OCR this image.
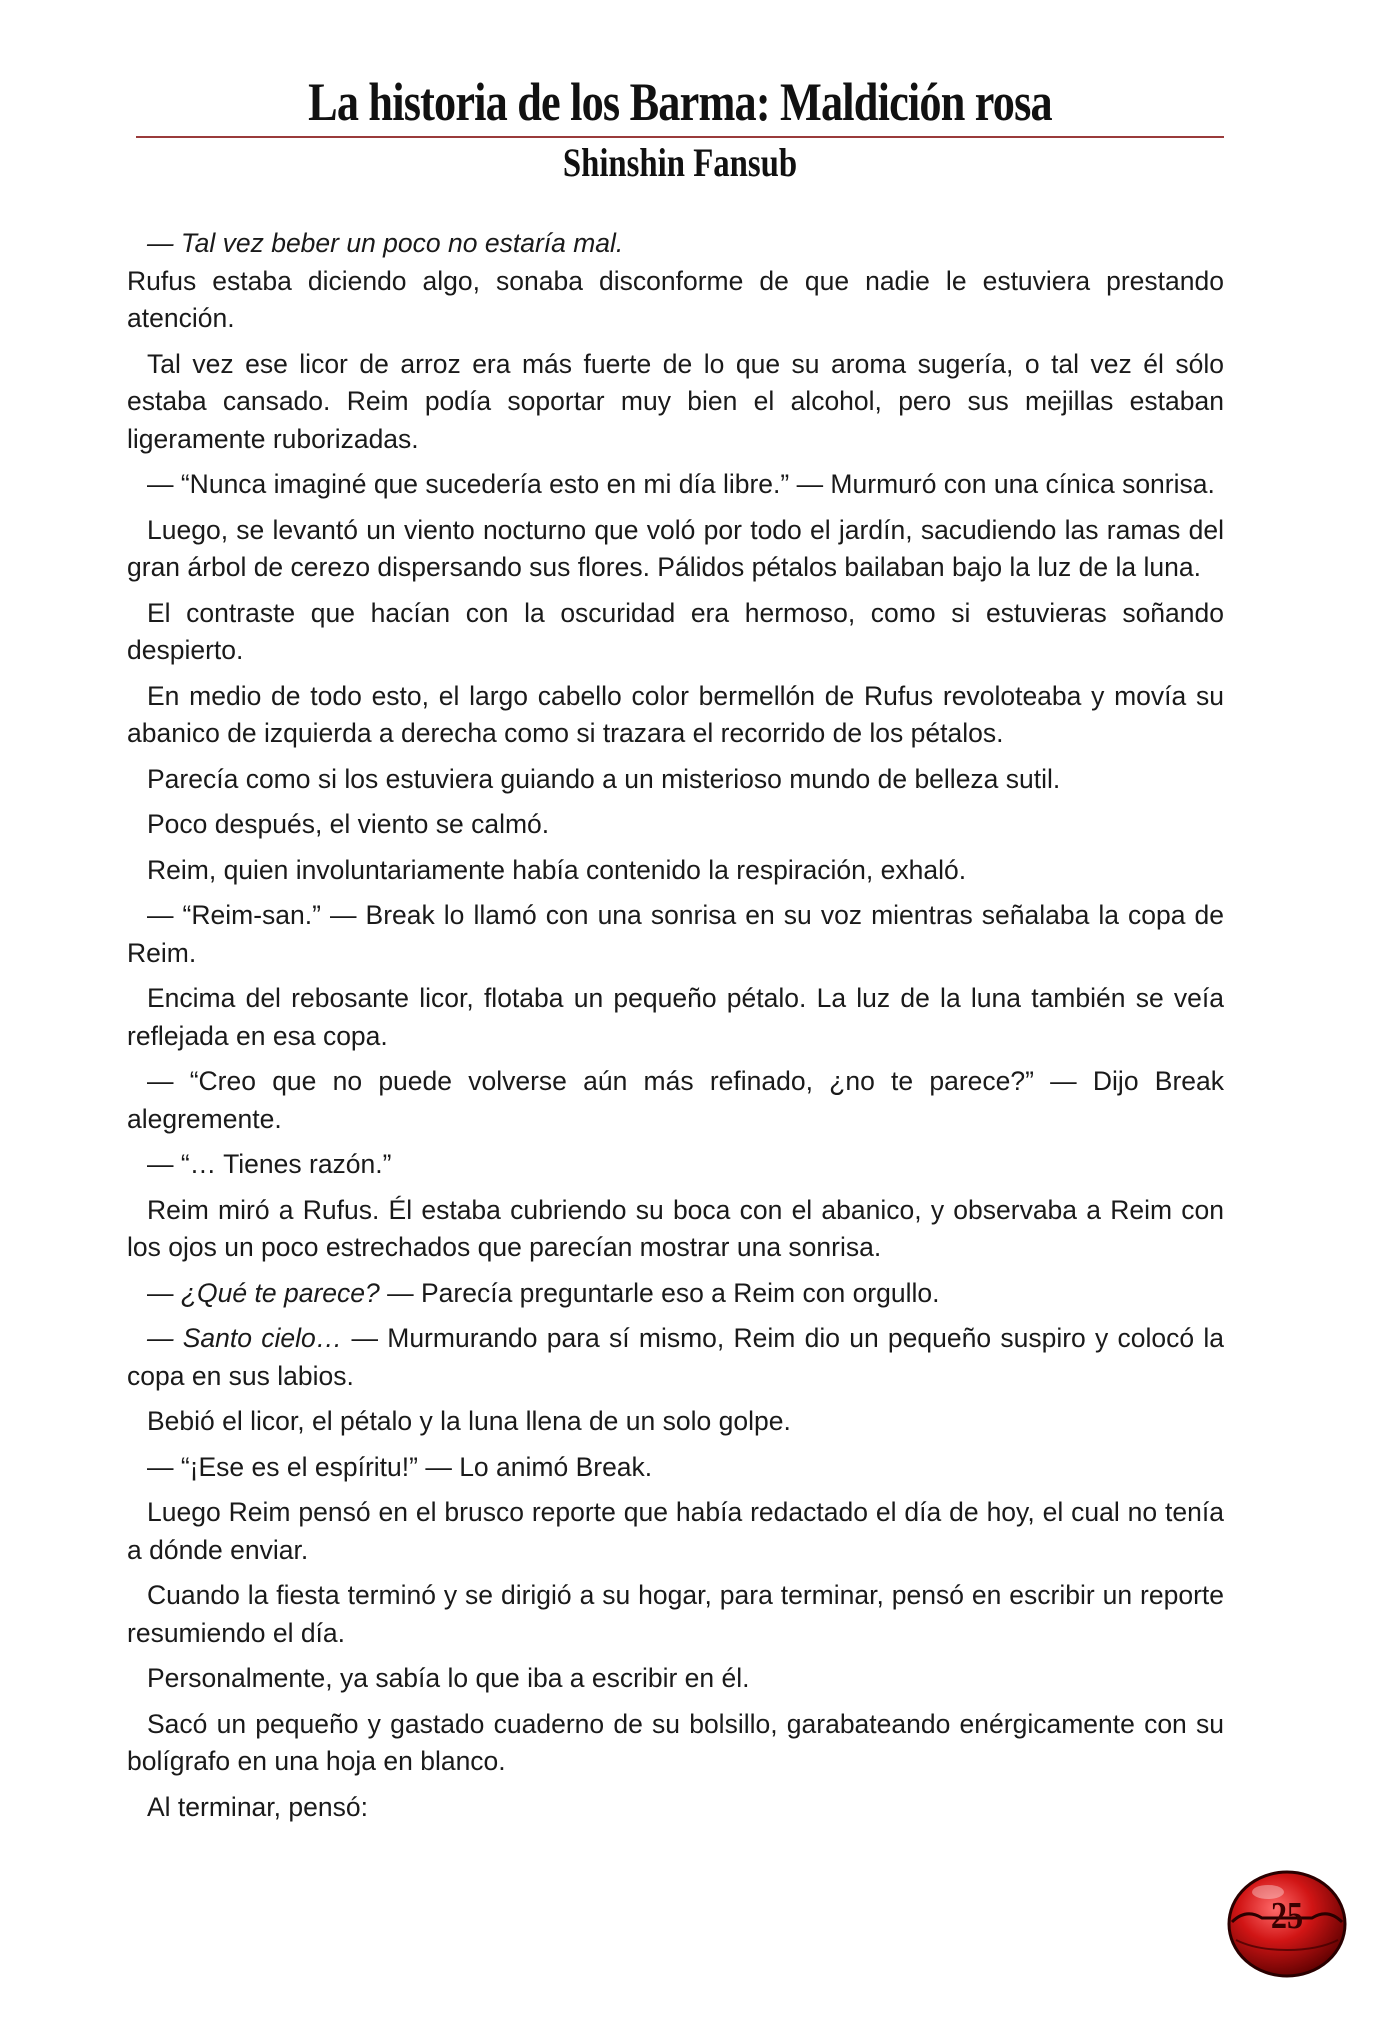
La historia de los Barma: Maldición rosa
Shinshin Fansub

— Tal vez beber un poco no estaría mal.

Rufus estaba diciendo algo, sonaba disconforme de que nadie le estuviera prestando atención.

Tal vez ese licor de arroz era más fuerte de lo que su aroma sugería, o tal vez él sólo estaba cansado. Reim podía soportar muy bien el alcohol, pero sus mejillas estaban ligeramente ruborizadas.

— “Nunca imaginé que sucedería esto en mi día libre.” — Murmuró con una cínica sonrisa.

Luego, se levantó un viento nocturno que voló por todo el jardín, sacudiendo las ramas del gran árbol de cerezo dispersando sus flores. Pálidos pétalos bailaban bajo la luz de la luna.

El contraste que hacían con la oscuridad era hermoso, como si estuvieras soñando despierto.

En medio de todo esto, el largo cabello color bermellón de Rufus revoloteaba y movía su abanico de izquierda a derecha como si trazara el recorrido de los pétalos.

Parecía como si los estuviera guiando a un misterioso mundo de belleza sutil.

Poco después, el viento se calmó.

Reim, quien involuntariamente había contenido la respiración, exhaló.

— “Reim-san.” — Break lo llamó con una sonrisa en su voz mientras señalaba la copa de Reim.

Encima del rebosante licor, flotaba un pequeño pétalo. La luz de la luna también se veía reflejada en esa copa.

— “Creo que no puede volverse aún más refinado, ¿no te parece?” — Dijo Break alegremente.

— “… Tienes razón.”

Reim miró a Rufus. Él estaba cubriendo su boca con el abanico, y observaba a Reim con los ojos un poco estrechados que parecían mostrar una sonrisa.

— ¿Qué te parece? — Parecía preguntarle eso a Reim con orgullo.

— Santo cielo… — Murmurando para sí mismo, Reim dio un pequeño suspiro y colocó la copa en sus labios.

Bebió el licor, el pétalo y la luna llena de un solo golpe.

— “¡Ese es el espíritu!” — Lo animó Break.

Luego Reim pensó en el brusco reporte que había redactado el día de hoy, el cual no tenía a dónde enviar.

Cuando la fiesta terminó y se dirigió a su hogar, para terminar, pensó en escribir un reporte resumiendo el día.

Personalmente, ya sabía lo que iba a escribir en él.

Sacó un pequeño y gastado cuaderno de su bolsillo, garabateando enérgicamente con su bolígrafo en una hoja en blanco.

Al terminar, pensó:

25
